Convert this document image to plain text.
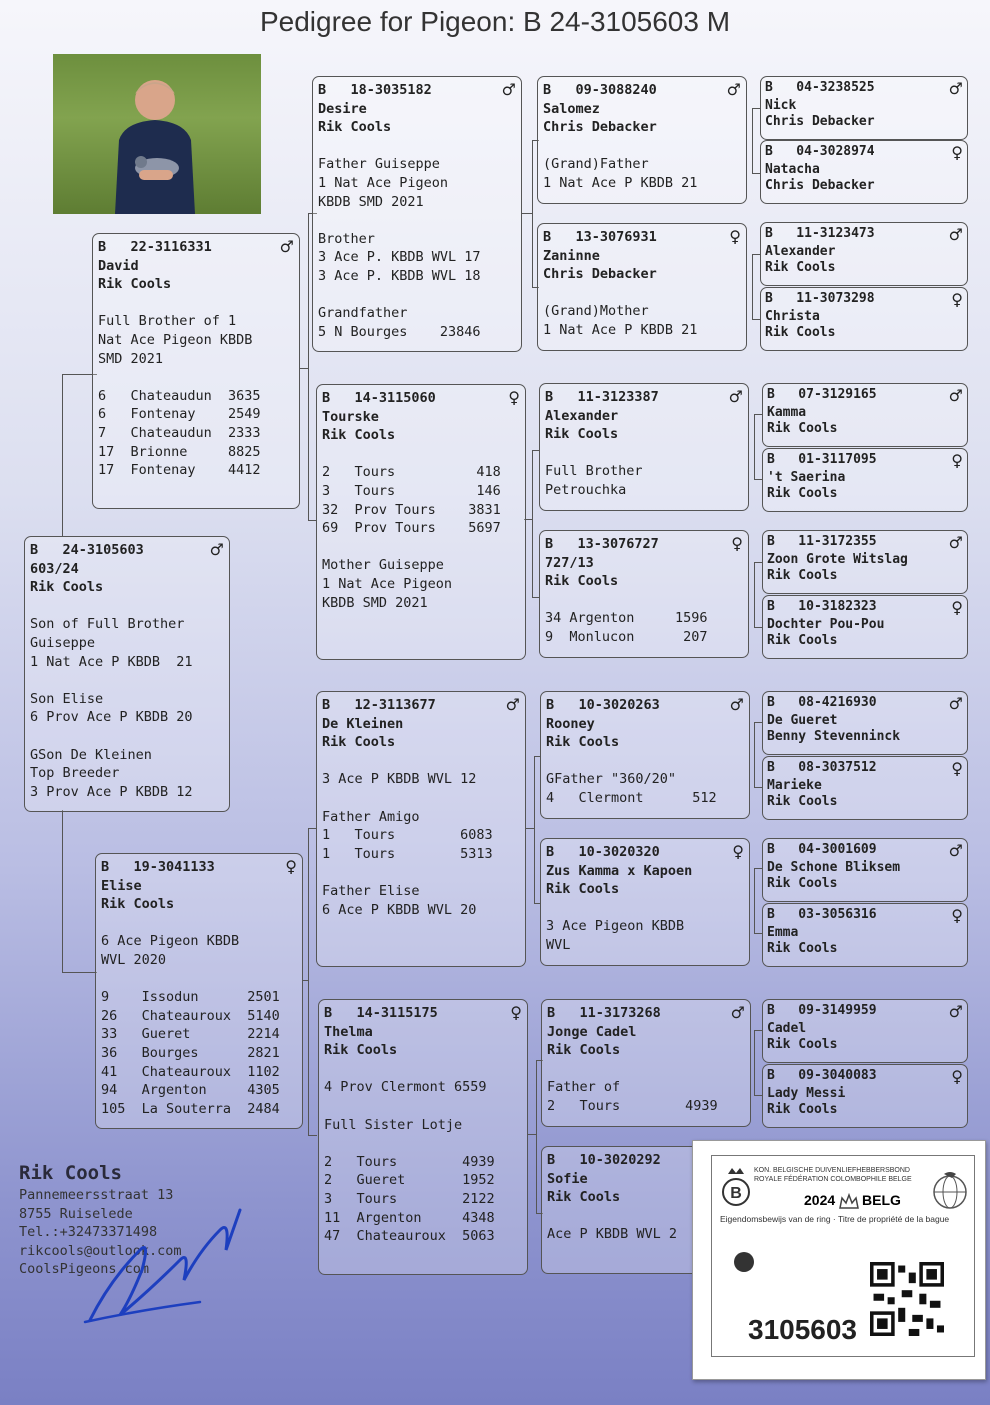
Pedigree for Pigeon: B 24-3105603 M
B   24-3105603	♂
603/24
Rik Cools
Son of Full Brother
Guiseppe
1 Nat Ace P KBDB  21
Son Elise
6 Prov Ace P KBDB 20
GSon De Kleinen
Top Breeder
3 Prov Ace P KBDB 12
B   22-3116331	♂
David
Rik Cools
Full Brother of 1
Nat Ace Pigeon KBDB
SMD 2021
6   Chateaudun  3635
6   Fontenay    2549
7   Chateaudun  2333
17  Brionne     8825
17  Fontenay    4412
B   19-3041133	♀
Elise
Rik Cools
6 Ace Pigeon KBDB
WVL 2020
9    Issodun      2501
26   Chateauroux  5140
33   Gueret       2214
36   Bourges      2821
41   Chateauroux  1102
94   Argenton     4305
105  La Souterra  2484
B   18-3035182	♂
Desire
Rik Cools
Father Guiseppe
1 Nat Ace Pigeon
KBDB SMD 2021
Brother
3 Ace P. KBDB WVL 17
3 Ace P. KBDB WVL 18
Grandfather
5 N Bourges    23846
B   14-3115060	♀
Tourske
Rik Cools
2   Tours          418
3   Tours          146
32  Prov Tours    3831
69  Prov Tours    5697
Mother Guiseppe
1 Nat Ace Pigeon
KBDB SMD 2021
B   12-3113677	♂
De Kleinen
Rik Cools
3 Ace P KBDB WVL 12
Father Amigo
1   Tours        6083
1   Tours        5313
Father Elise
6 Ace P KBDB WVL 20
B   14-3115175	♀
Thelma
Rik Cools
4 Prov Clermont 6559
Full Sister Lotje
2   Tours        4939
2   Gueret       1952
3   Tours        2122
11  Argenton     4348
47  Chateauroux  5063
B   09-3088240	♂
Salomez
Chris Debacker
(Grand)Father
1 Nat Ace P KBDB 21
B   13-3076931	♀
Zaninne
Chris Debacker
(Grand)Mother
1 Nat Ace P KBDB 21
B   11-3123387	♂
Alexander
Rik Cools
Full Brother
Petrouchka
B   13-3076727	♀
727/13
Rik Cools
34 Argenton     1596
9  Monlucon      207
B   10-3020263	♂
Rooney
Rik Cools
GFather "360/20"
4   Clermont      512
B   10-3020320	♀
Zus Kamma x Kapoen
Rik Cools
3 Ace Pigeon KBDB
WVL
B   11-3173268	♂
Jonge Cadel
Rik Cools
Father of
2   Tours        4939
B   10-3020292
Sofie
Rik Cools
Ace P KBDB WVL 2
B   04-3238525	♂
Nick
Chris Debacker
B   04-3028974	♀
Natacha
Chris Debacker
B   11-3123473	♂
Alexander
Rik Cools
B   11-3073298	♀
Christa
Rik Cools
B   07-3129165	♂
Kamma
Rik Cools
B   01-3117095	♀
't Saerina
Rik Cools
B   11-3172355	♂
Zoon Grote Witslag
Rik Cools
B   10-3182323	♀
Dochter Pou-Pou
Rik Cools
B   08-4216930	♂
De Gueret
Benny Stevenninck
B   08-3037512	♀
Marieke
Rik Cools
B   04-3001609	♂
De Schone Bliksem
Rik Cools
B   03-3056316	♀
Emma
Rik Cools
B   09-3149959	♂
Cadel
Rik Cools
B   09-3040083	♀
Lady Messi
Rik Cools
Rik Cools
Pannemeersstraat 13
8755 Ruiselede
Tel.:+32473371498
rikcools@outlook.com
CoolsPigeons.com
B
KON. BELGISCHE DUIVENLIEFHEBBERSBOND
ROYALE FÉDÉRATION COLOMBOPHILE BELGE
2024 BELG
Eigendomsbewijs van de ring · Titre de propriété de la bague
3105603
